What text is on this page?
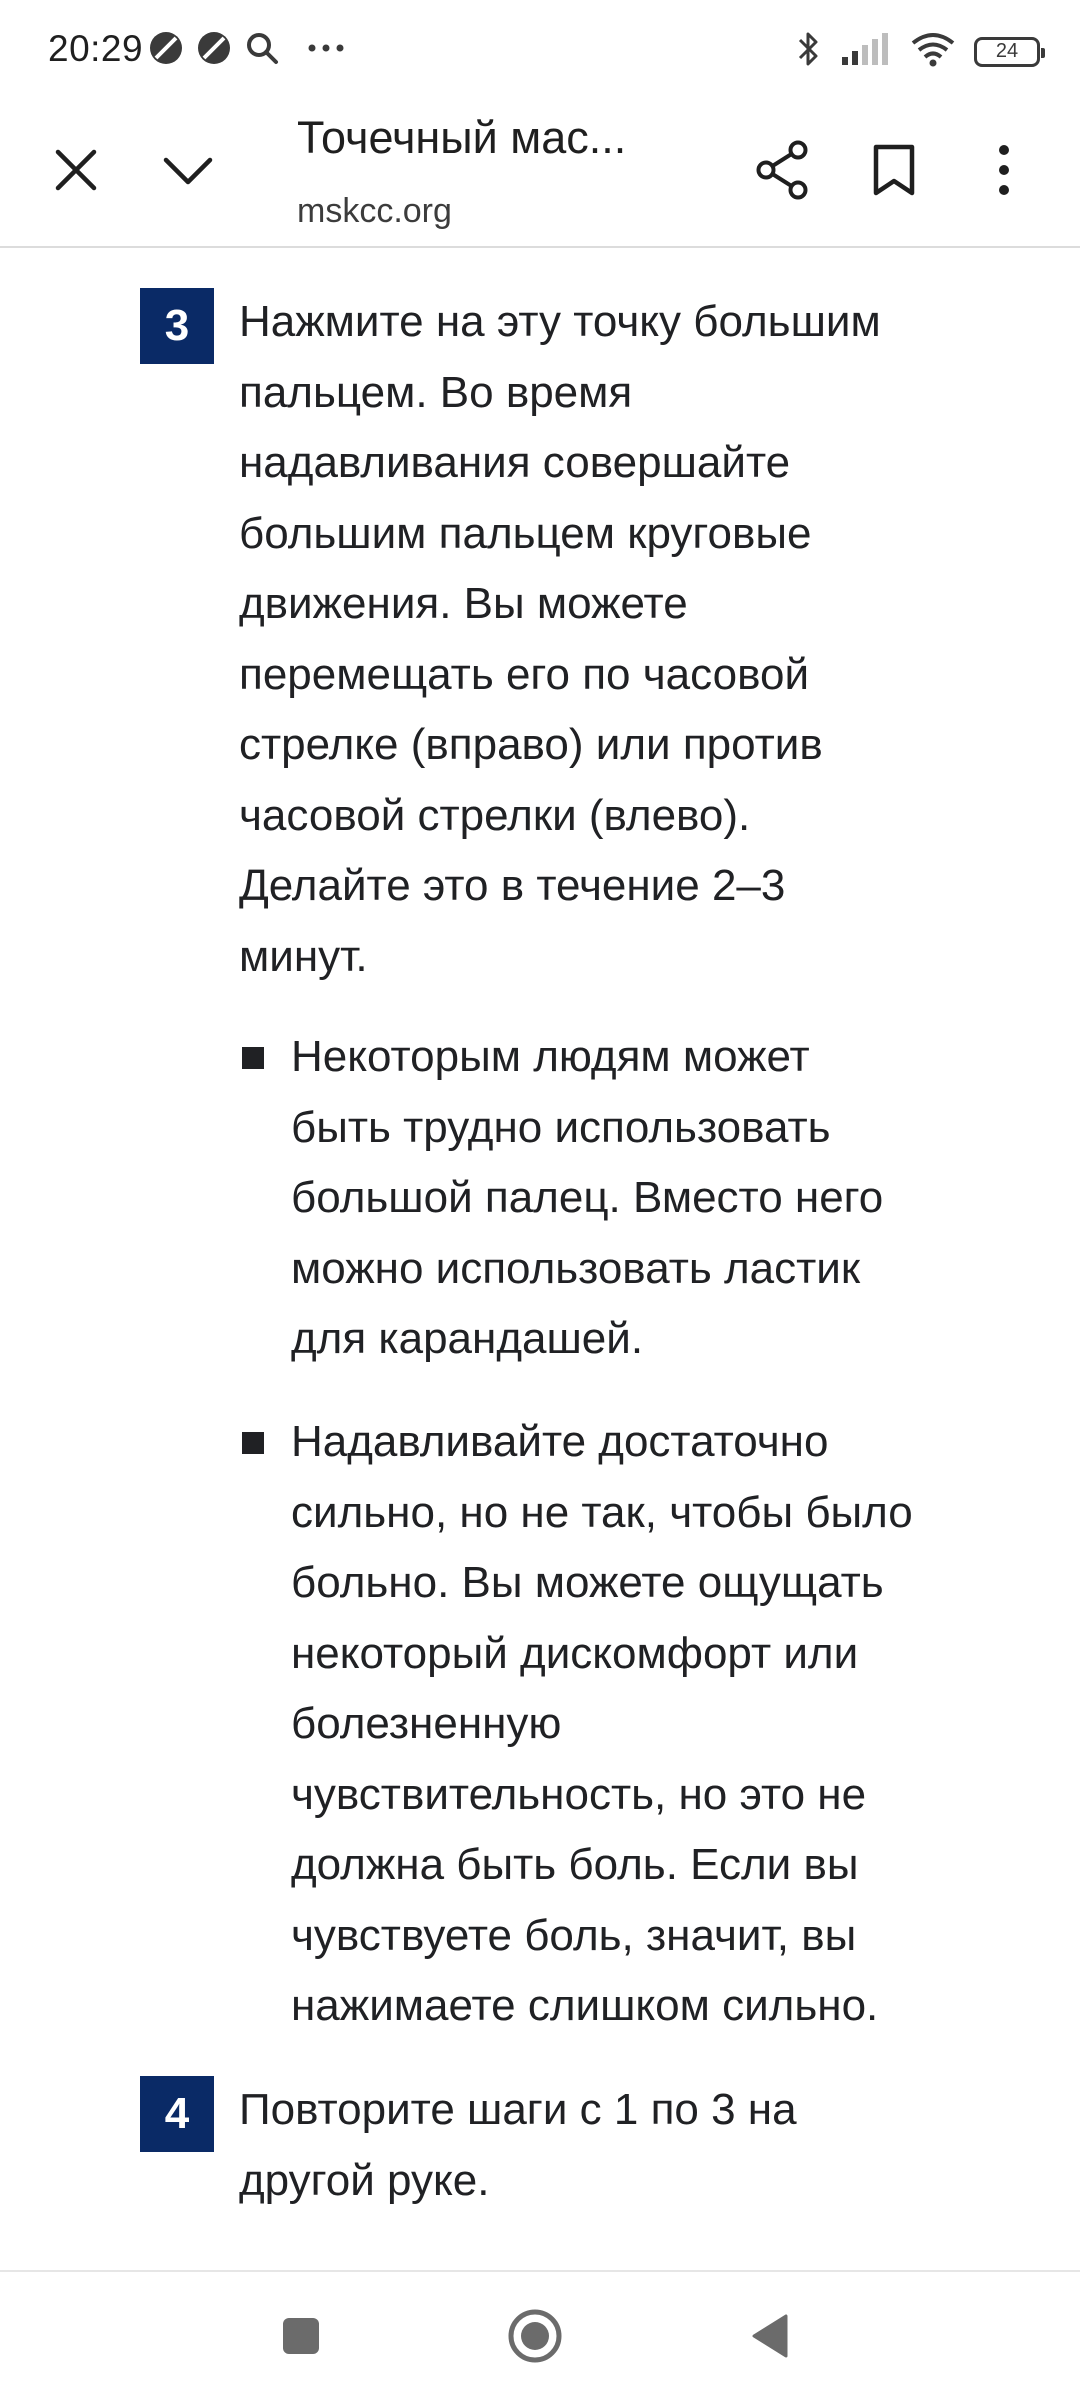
20:29	24
Точечный мас...
mskcc.org
3	Нажмите на эту точку большим
пальцем. Во время
надавливания совершайте
большим пальцем круговые
движения. Вы можете
перемещать его по часовой
стрелке (вправо) или против
часовой стрелки (влево).
Делайте это в течение 2–3
минут.
Некоторым людям может
быть трудно использовать
большой палец. Вместо него
можно использовать ластик
для карандашей.
Надавливайте достаточно
сильно, но не так, чтобы было
больно. Вы можете ощущать
некоторый дискомфорт или
болезненную
чувствительность, но это не
должна быть боль. Если вы
чувствуете боль, значит, вы
нажимаете слишком сильно.
4	Повторите шаги с 1 по 3 на
другой руке.
